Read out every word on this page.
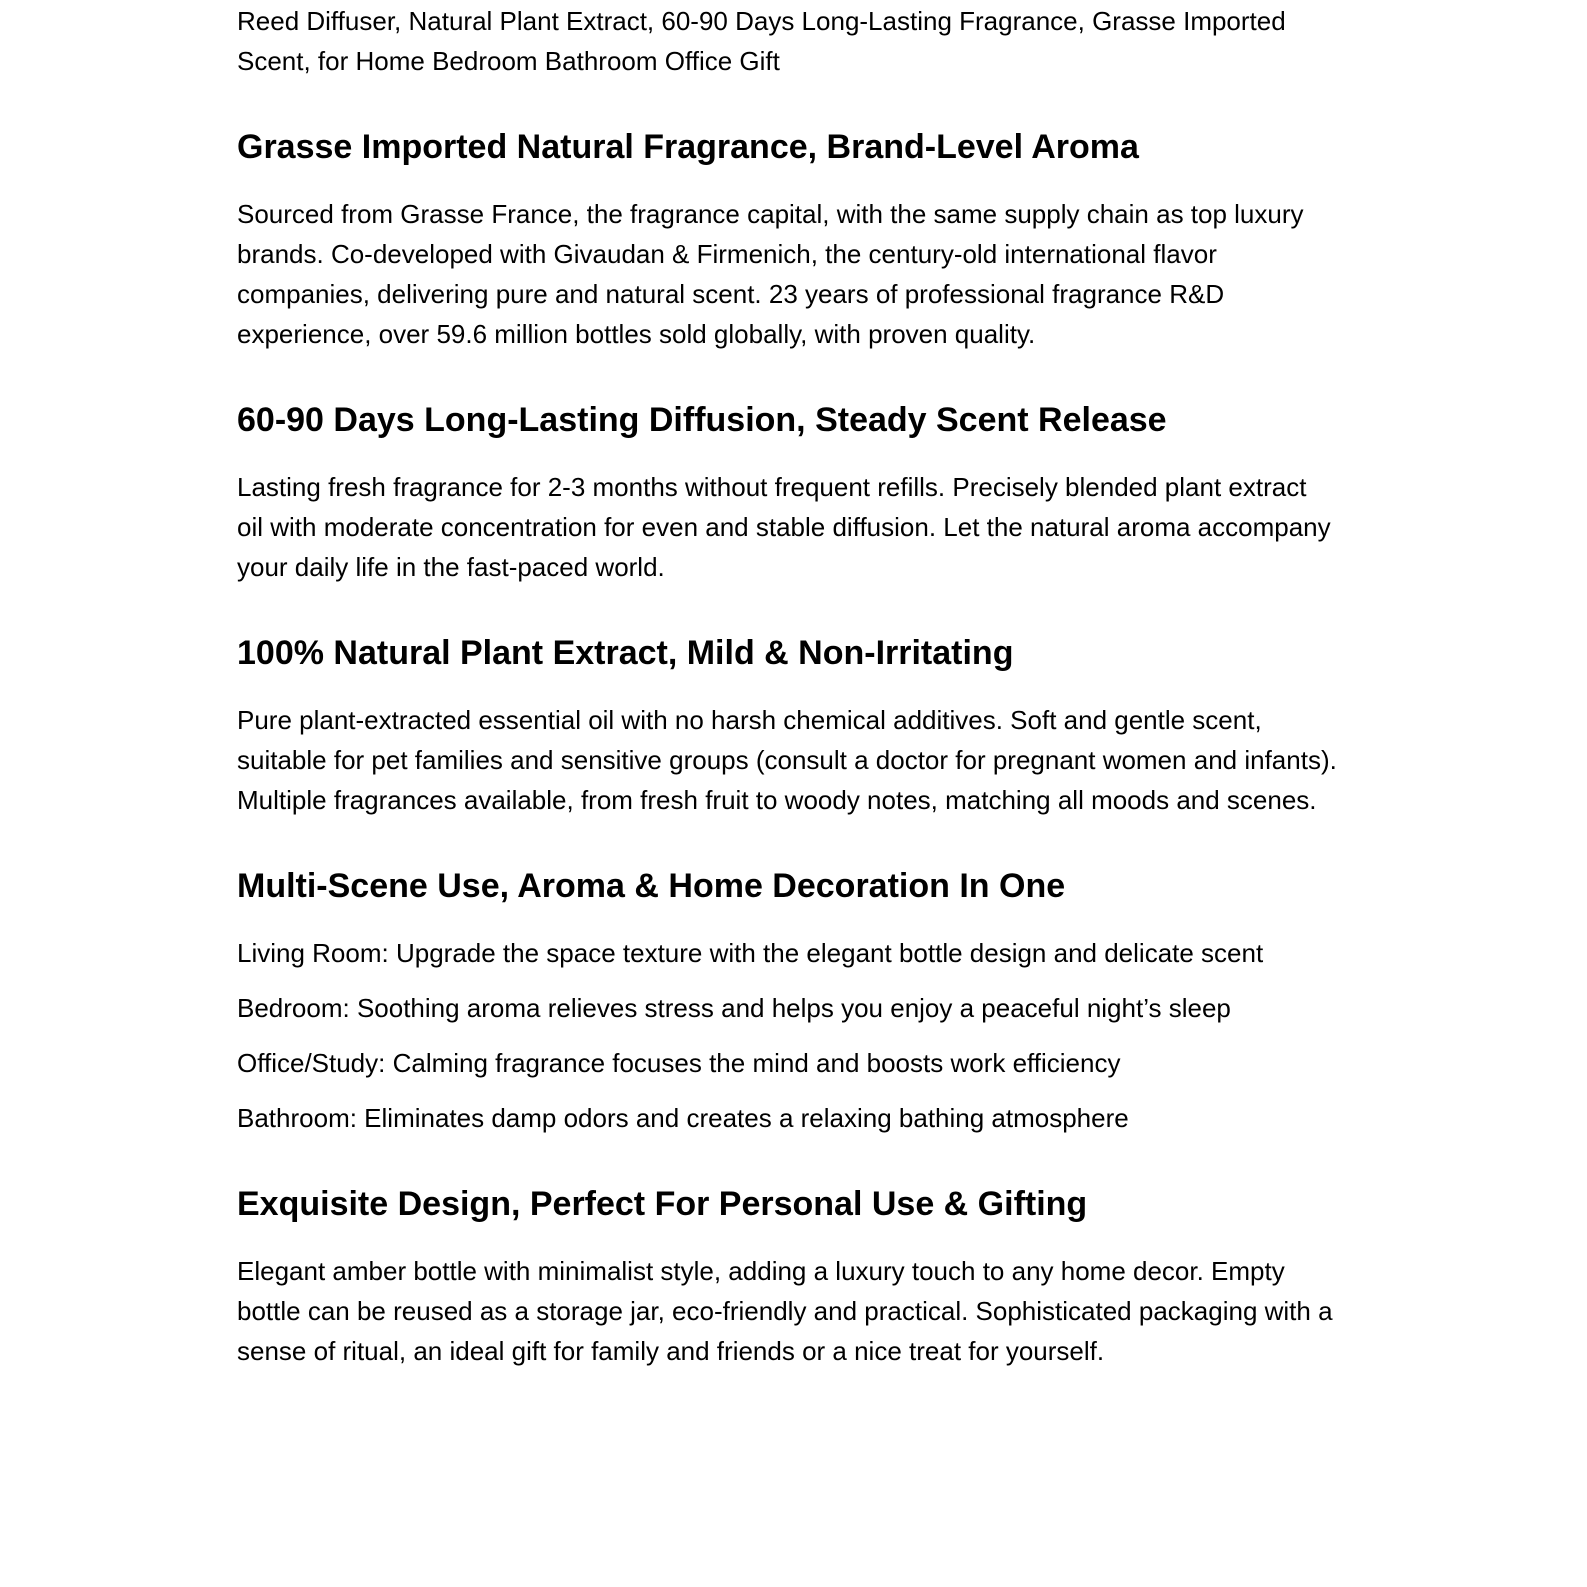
Reed Diffuser, Natural Plant Extract, 60-90 Days Long-Lasting Fragrance, Grasse Imported Scent, for Home Bedroom Bathroom Office Gift

Grasse Imported Natural Fragrance, Brand-Level Aroma

Sourced from Grasse France, the fragrance capital, with the same supply chain as top luxury brands. Co-developed with Givaudan & Firmenich, the century-old international flavor companies, delivering pure and natural scent. 23 years of professional fragrance R&D experience, over 59.6 million bottles sold globally, with proven quality.

60-90 Days Long-Lasting Diffusion, Steady Scent Release

Lasting fresh fragrance for 2-3 months without frequent refills. Precisely blended plant extract oil with moderate concentration for even and stable diffusion. Let the natural aroma accompany your daily life in the fast-paced world.

100% Natural Plant Extract, Mild & Non-Irritating

Pure plant-extracted essential oil with no harsh chemical additives. Soft and gentle scent, suitable for pet families and sensitive groups (consult a doctor for pregnant women and infants). Multiple fragrances available, from fresh fruit to woody notes, matching all moods and scenes.

Multi-Scene Use, Aroma & Home Decoration In One

Living Room: Upgrade the space texture with the elegant bottle design and delicate scent

Bedroom: Soothing aroma relieves stress and helps you enjoy a peaceful night’s sleep

Office/Study: Calming fragrance focuses the mind and boosts work efficiency

Bathroom: Eliminates damp odors and creates a relaxing bathing atmosphere

Exquisite Design, Perfect For Personal Use & Gifting

Elegant amber bottle with minimalist style, adding a luxury touch to any home decor. Empty bottle can be reused as a storage jar, eco-friendly and practical. Sophisticated packaging with a sense of ritual, an ideal gift for family and friends or a nice treat for yourself.
